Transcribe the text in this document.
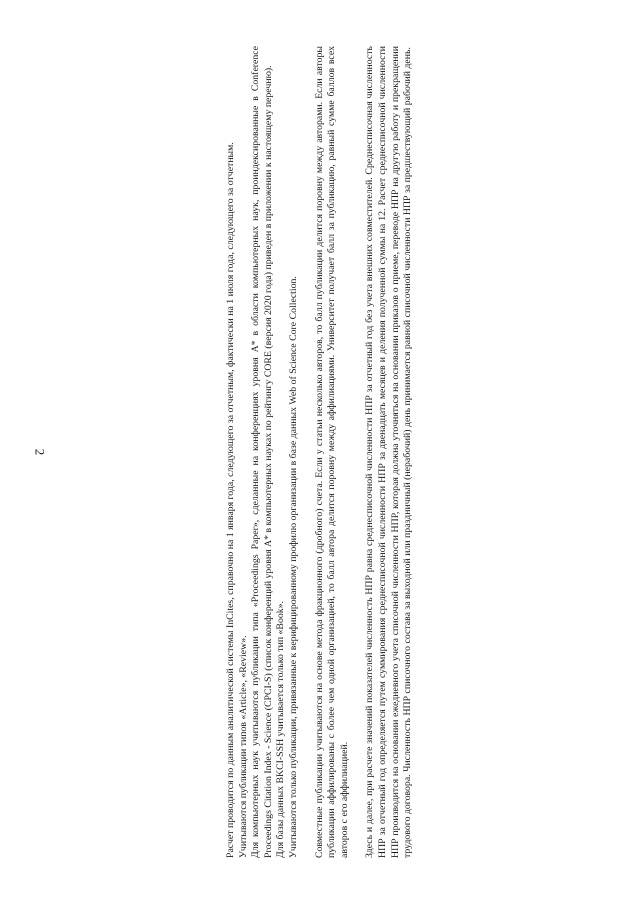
2	Расчет проводится по данным аналитической системы InCites, справочно на 1 января года, следующего за отчетным, фактически на 1 июля года, следующего за отчетным. Учитываются публикации типов «Article», «Review». Для компьютерных наук учитываются публикации типа «Proceedings Paper», сделанные на конференциях уровня А* в области компьютерных наук, проиндексированные в Conference Proceedings Citation Index - Science (CPCI-S) (список конференций уровня А* в компьютерных науках по рейтингу CORE (версия 2020 года) приведен в приложении к настоящему перечню). Для базы данных BKCI-SSH учитывается только тип «Book». Учитываются только публикации, привязанные к верифицированному профилю организации в базе данных Web of Science Core Collection. Совместные публикации учитываются на основе метода фракционного (дробного) счета. Если у статьи несколько авторов, то балл публикации делится поровну между авторами. Если авторы публикации аффилированы с более чем одной организацией, то балл автора делится поровну между аффилиациями. Университет получает балл за публикацию, равный сумме баллов всех авторов с его аффилиацией. Здесь и далее, при расчете значений показателей численность НПР равна среднесписочной численности НПР за отчетный год без учета внешних совместителей. Среднесписочная численность НПР за отчетный год определяется путем суммирования среднесписочной численности НПР за двенадцать месяцев и деления полученной суммы на 12. Расчет среднесписочной численности НПР производится на основании ежедневного учета списочной численности НПР, которая должна уточняться на основании приказов о приеме, переводе НПР на другую работу и прекращении трудового договора. Численность НПР списочного состава за выходной или праздничный (нерабочий) день принимается равной списочной численности НПР за предшествующий рабочий день.
